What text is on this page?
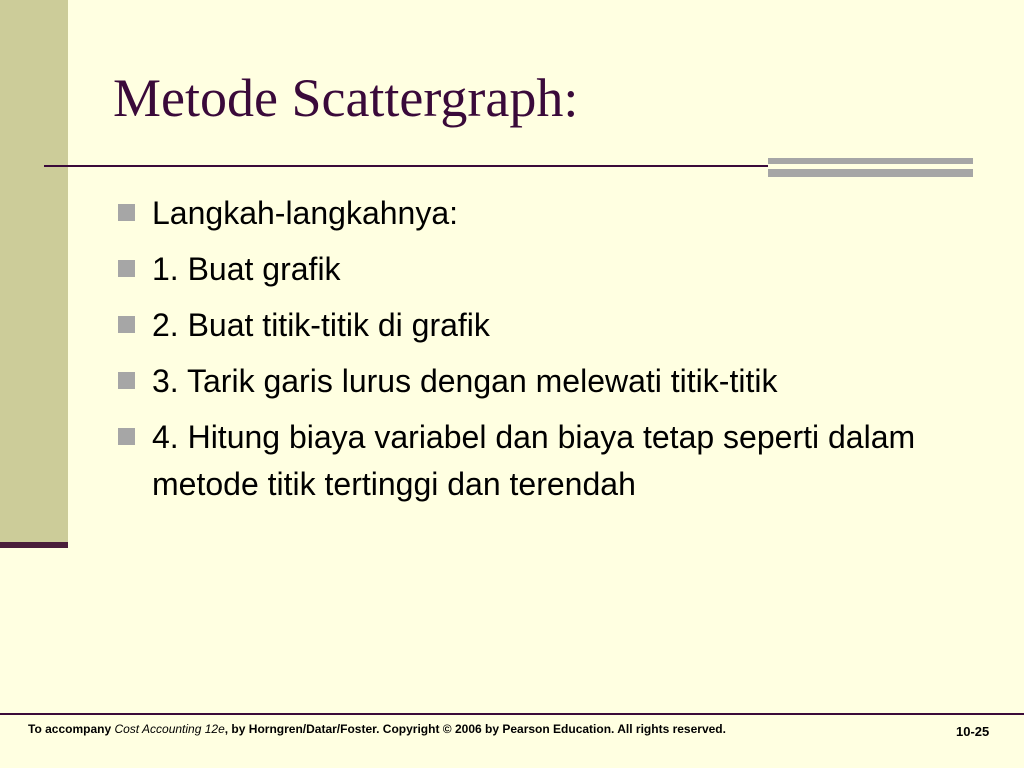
Metode Scattergraph:
Langkah-langkahnya:
1. Buat grafik
2. Buat titik-titik di grafik
3. Tarik garis lurus dengan melewati titik-titik
4. Hitung biaya variabel dan biaya tetap seperti dalam metode titik tertinggi dan terendah
To accompany Cost Accounting 12e, by Horngren/Datar/Foster. Copyright © 2006 by Pearson Education. All rights reserved.	10-25
